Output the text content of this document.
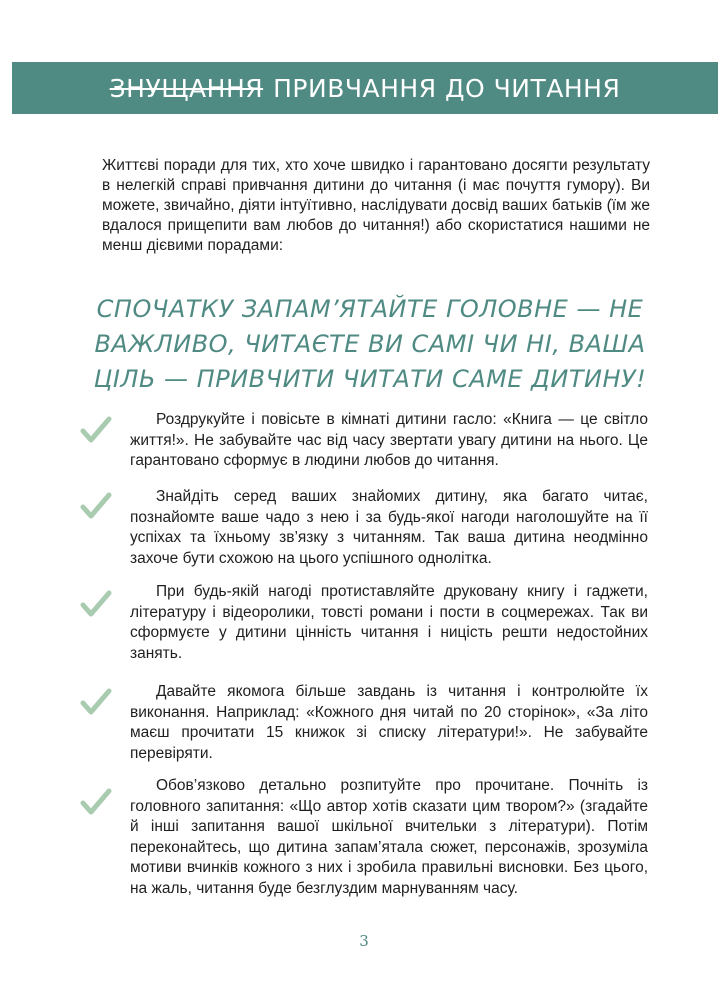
ЗНУЩАННЯ ПРИВЧАННЯ ДО ЧИТАННЯ

Життєві поради для тих, хто хоче швидко і гарантовано досягти результату в нелегкій справі привчання дитини до читання (і має почуття гумору). Ви можете, звичайно, діяти інтуїтивно, наслідувати досвід ваших батьків (їм же вдалося прищепити вам любов до читання!) або скористатися нашими не менш дієвими порадами:

СПОЧАТКУ ЗАПАМ’ЯТАЙТЕ ГОЛОВНЕ — НЕ ВАЖЛИВО, ЧИТАЄТЕ ВИ САМІ ЧИ НІ, ВАША ЦІЛЬ — ПРИВЧИТИ ЧИТАТИ САМЕ ДИТИНУ!

Роздрукуйте і повісьте в кімнаті дитини гасло: «Книга — це світло життя!». Не забувайте час від часу звертати увагу дитини на нього. Це гарантовано сформує в людини любов до читання.

Знайдіть серед ваших знайомих дитину, яка багато читає, познайомте ваше чадо з нею і за будь-якої нагоди наголошуйте на її успіхах та їхньому зв’язку з читанням. Так ваша дитина неодмінно захоче бути схожою на цього успішного однолітка.

При будь-якій нагоді протиставляйте друковану книгу і гаджети, літературу і відеоролики, товсті романи і пости в соцмережах. Так ви сформуєте у дитини цінність читання і ницість решти недостойних занять.

Давайте якомога більше завдань із читання і контролюйте їх виконання. Наприклад: «Кожного дня читай по 20 сторінок», «За літо маєш прочитати 15 книжок зі списку літератури!». Не забувайте перевіряти.

Обов’язково детально розпитуйте про прочитане. Почніть із головного запитання: «Що автор хотів сказати цим твором?» (згадайте й інші запитання вашої шкільної вчительки з літератури). Потім переконайтесь, що дитина запам’ятала сюжет, персонажів, зрозуміла мотиви вчинків кожного з них і зробила правильні висновки. Без цього, на жаль, читання буде безглуздим марнуванням часу.

3
